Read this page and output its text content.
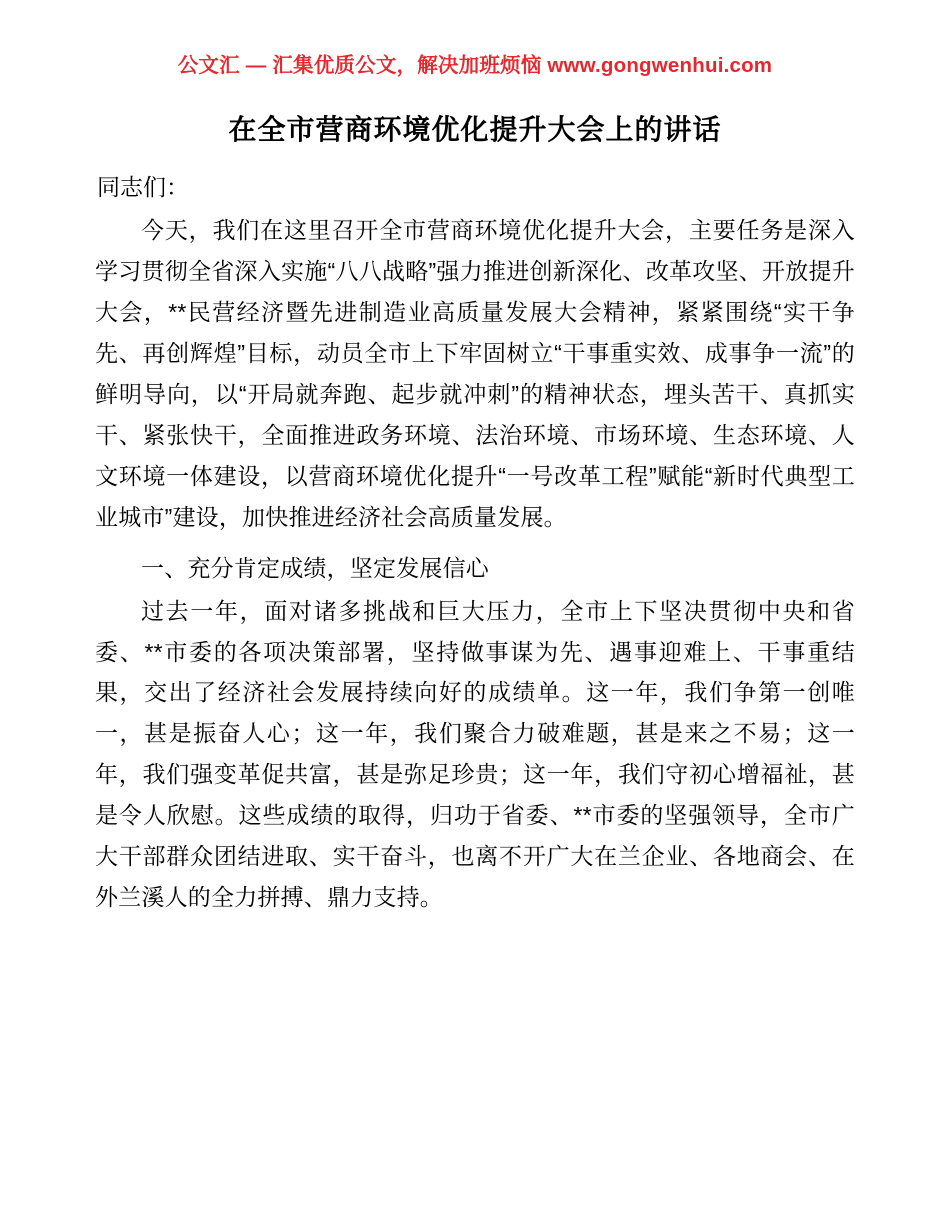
公文汇 — 汇集优质公文，解决加班烦恼 www.gongwenhui.com
在全市营商环境优化提升大会上的讲话

同志们：

今天，我们在这里召开全市营商环境优化提升大会，主要任务是深入学习贯彻全省深入实施“八八战略”强力推进创新深化、改革攻坚、开放提升大会，**民营经济暨先进制造业高质量发展大会精神，紧紧围绕“实干争先、再创辉煌”目标，动员全市上下牢固树立“干事重实效、成事争一流”的鲜明导向，以“开局就奔跑、起步就冲刺”的精神状态，埋头苦干、真抓实干、紧张快干，全面推进政务环境、法治环境、市场环境、生态环境、人文环境一体建设，以营商环境优化提升“一号改革工程”赋能“新时代典型工业城市”建设，加快推进经济社会高质量发展。

一、充分肯定成绩，坚定发展信心

过去一年，面对诸多挑战和巨大压力，全市上下坚决贯彻中央和省委、**市委的各项决策部署，坚持做事谋为先、遇事迎难上、干事重结果，交出了经济社会发展持续向好的成绩单。这一年，我们争第一创唯一，甚是振奋人心；这一年，我们聚合力破难题，甚是来之不易；这一年，我们强变革促共富，甚是弥足珍贵；这一年，我们守初心增福祉，甚是令人欣慰。这些成绩的取得，归功于省委、**市委的坚强领导，全市广大干部群众团结进取、实干奋斗，也离不开广大在兰企业、各地商会、在外兰溪人的全力拼搏、鼎力支持。
